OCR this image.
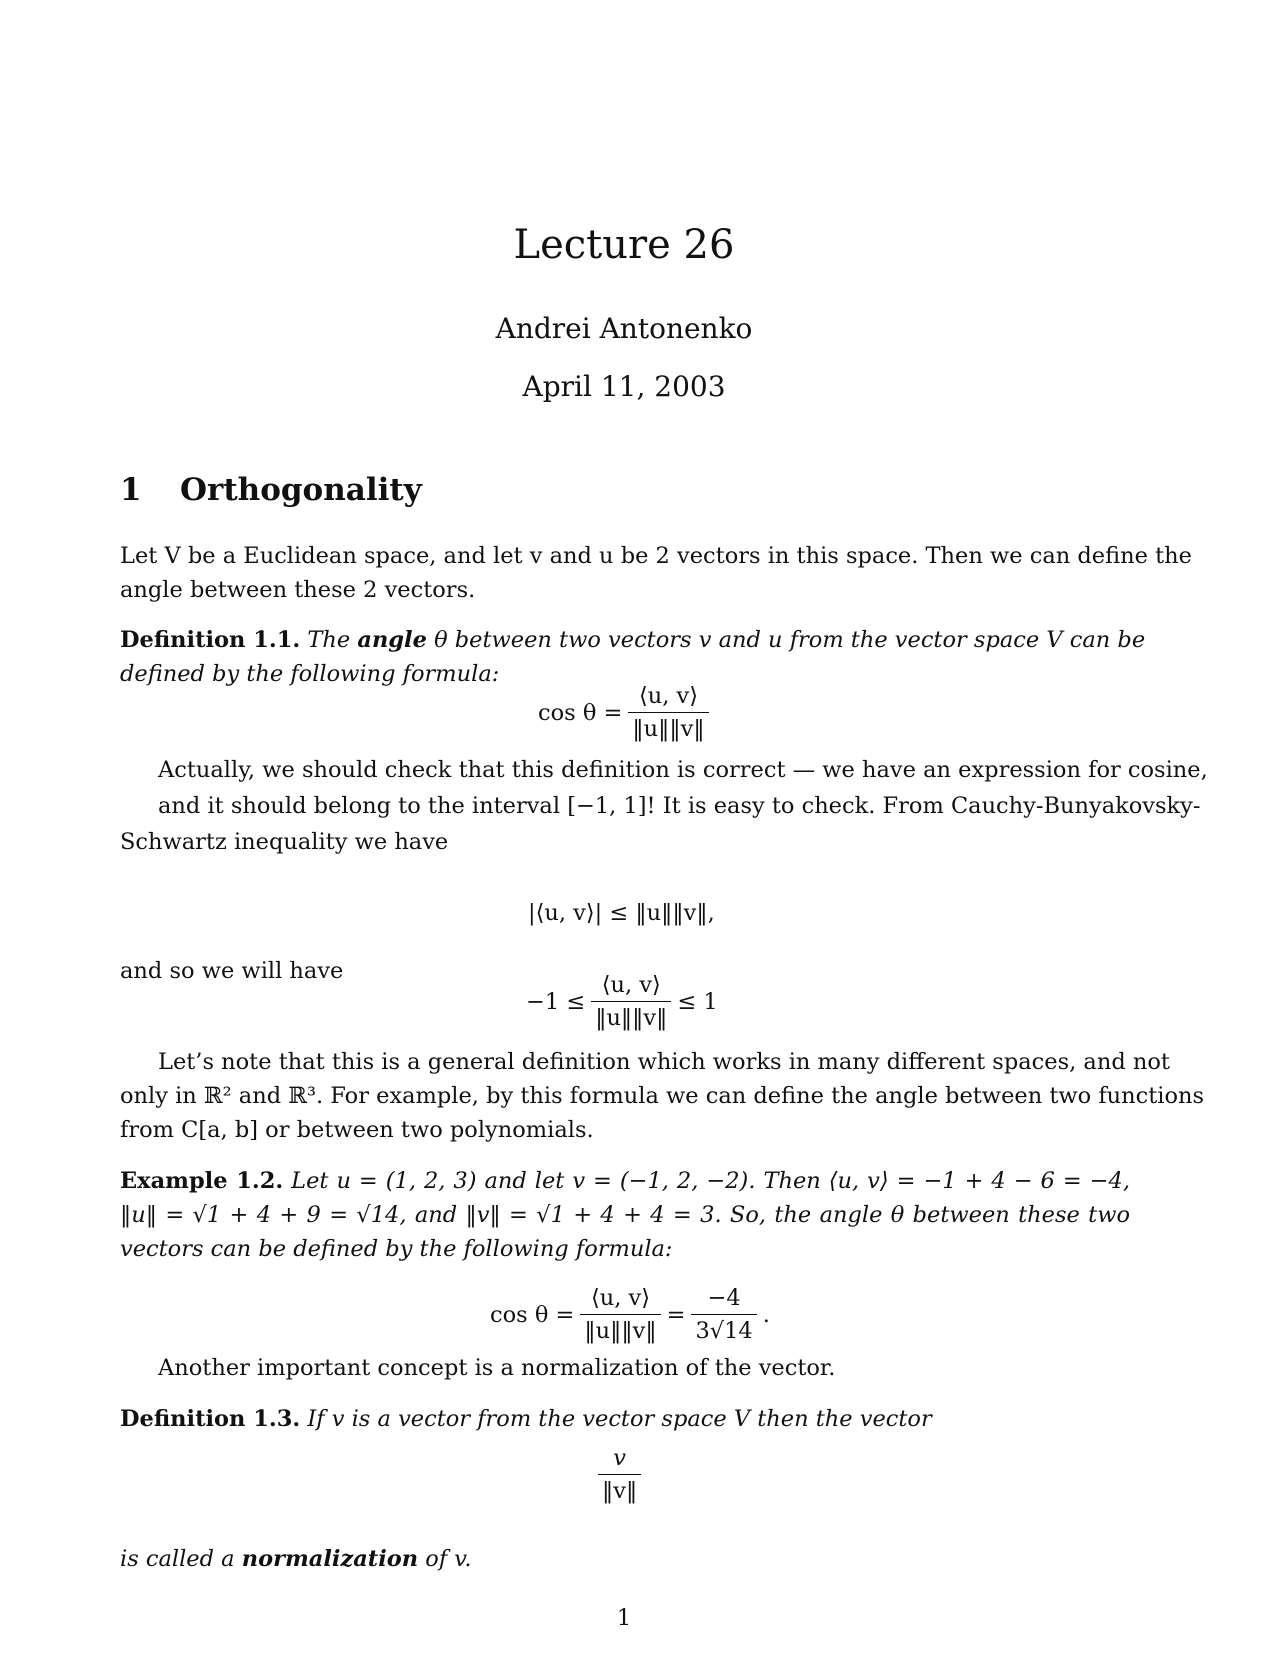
Lecture 26
Andrei Antonenko
April 11, 2003
1 Orthogonality
Let V be a Euclidean space, and let v and u be 2 vectors in this space. Then we can define the
angle between these 2 vectors.
Definition 1.1. The angle θ between two vectors v and u from the vector space V can be
defined by the following formula:
$\cos \theta = \frac{⟨u, v⟩}{‖u‖‖v‖}$
Actually, we should check that this definition is correct — we have an expression for cosine,
and it should belong to the interval [−1, 1]! It is easy to check. From Cauchy-Bunyakovsky-
Schwartz inequality we have
|⟨u, v⟩| ≤ ‖u‖‖v‖,
and so we will have
$-1 \le \frac{⟨u, v⟩}{‖u‖‖v‖} \le 1$
Let’s note that this is a general definition which works in many different spaces, and not
only in ℝ² and ℝ³. For example, by this formula we can define the angle between two functions
from C[a, b] or between two polynomials.
Example 1.2. Let u = (1, 2, 3) and let v = (−1, 2, −2). Then ⟨u, v⟩ = −1 + 4 − 6 = −4,
‖u‖ = √1 + 4 + 9 = √14, and ‖v‖ = √1 + 4 + 4 = 3. So, the angle θ between these two
vectors can be defined by the following formula:
$\cos \theta = \frac{⟨u, v⟩}{‖u‖‖v‖} = \frac{-4}{3√14}$ .
Another important concept is a normalization of the vector.
Definition 1.3. If v is a vector from the vector space V then the vector
$\frac{v}{‖v‖}$
is called a normalization of v.
1
